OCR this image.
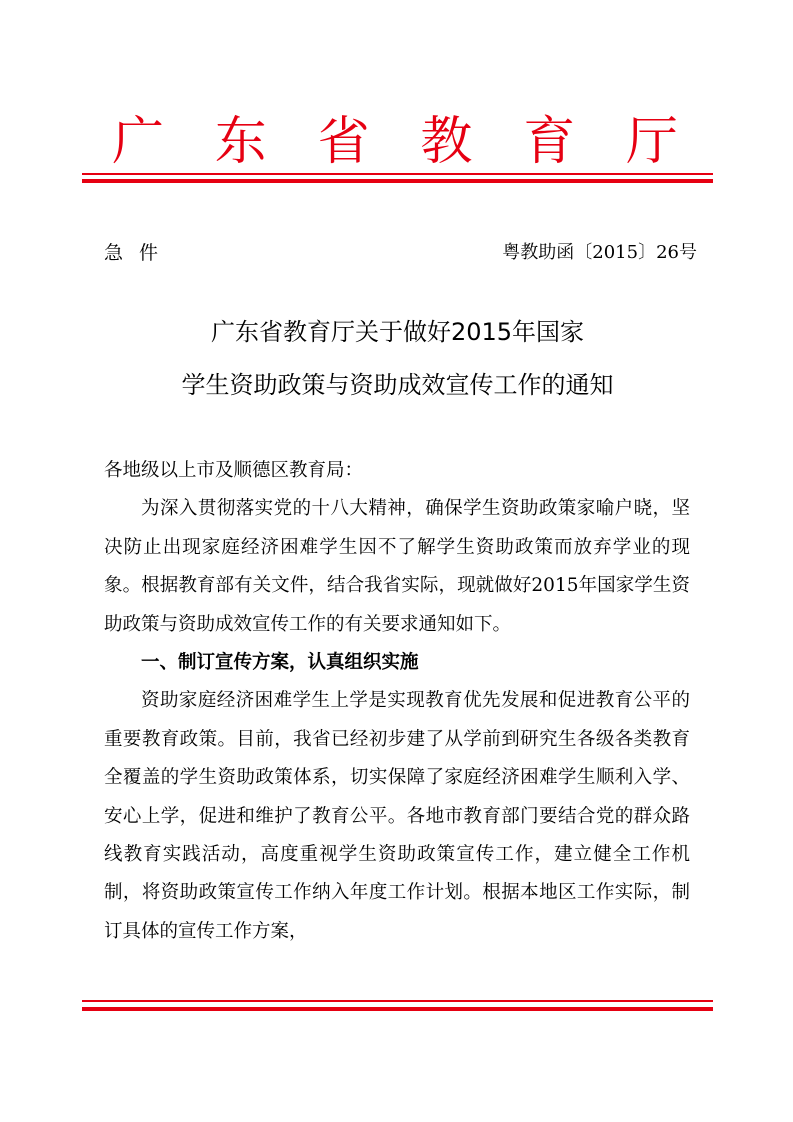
广 东 省 教 育 厅
急件	粤教助函〔2015〕26号
广东省教育厅关于做好2015年国家
学生资助政策与资助成效宣传工作的通知

各地级以上市及顺德区教育局：

为深入贯彻落实党的十八大精神，确保学生资助政策家喻户晓，坚决防止出现家庭经济困难学生因不了解学生资助政策而放弃学业的现象。根据教育部有关文件，结合我省实际，现就做好2015年国家学生资助政策与资助成效宣传工作的有关要求通知如下。

一、制订宣传方案，认真组织实施

资助家庭经济困难学生上学是实现教育优先发展和促进教育公平的重要教育政策。目前，我省已经初步建了从学前到研究生各级各类教育全覆盖的学生资助政策体系，切实保障了家庭经济困难学生顺利入学、安心上学，促进和维护了教育公平。各地市教育部门要结合党的群众路线教育实践活动，高度重视学生资助政策宣传工作，建立健全工作机制，将资助政策宣传工作纳入年度工作计划。根据本地区工作实际，制订具体的宣传工作方案，
